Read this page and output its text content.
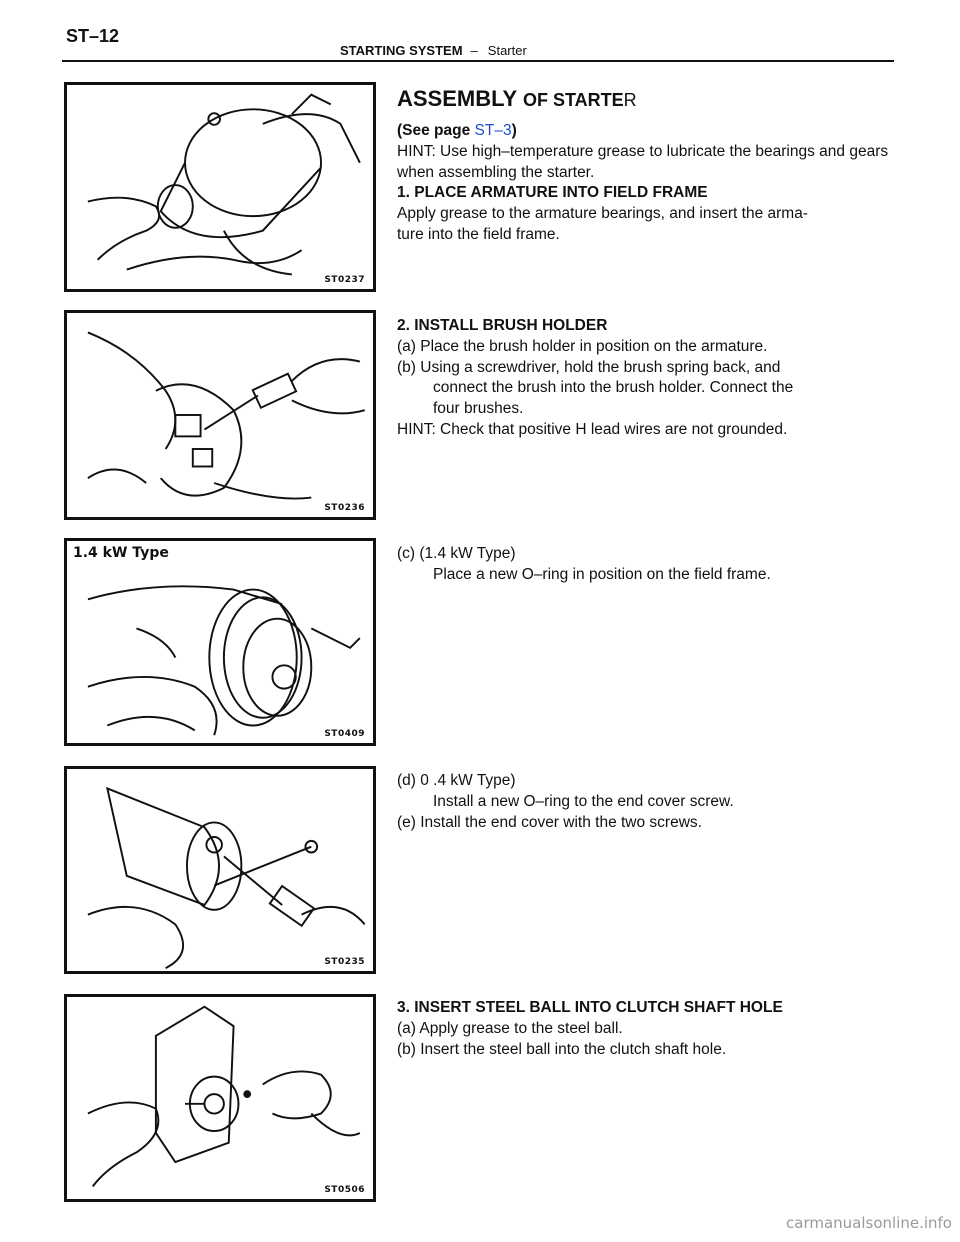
ST–12
STARTING SYSTEM – Starter
ST0237
ST0236
1.4 kW Type
ST0409
ST0235
ST0506

ASSEMBLY OF STARTER

(See page ST–3)

HINT: Use high–temperature grease to lubricate the bearings and gears when assembling the starter.

1. PLACE ARMATURE INTO FIELD FRAME

Apply grease to the armature bearings, and insert the arma-

ture into the field frame.

2. INSTALL BRUSH HOLDER

(a) Place the brush holder in position on the armature.

(b) Using a screwdriver, hold the brush spring back, and

connect the brush into the brush holder. Connect the

four brushes.

HINT: Check that positive H lead wires are not grounded.

(c) (1.4 kW Type)

Place a new O–ring in position on the field frame.

(d) 0 .4 kW Type)

Install a new O–ring to the end cover screw.

(e) Install the end cover with the two screws.

3. INSERT STEEL BALL INTO CLUTCH SHAFT HOLE

(a) Apply grease to the steel ball.

(b) Insert the steel ball into the clutch shaft hole.

carmanualsonline.info
